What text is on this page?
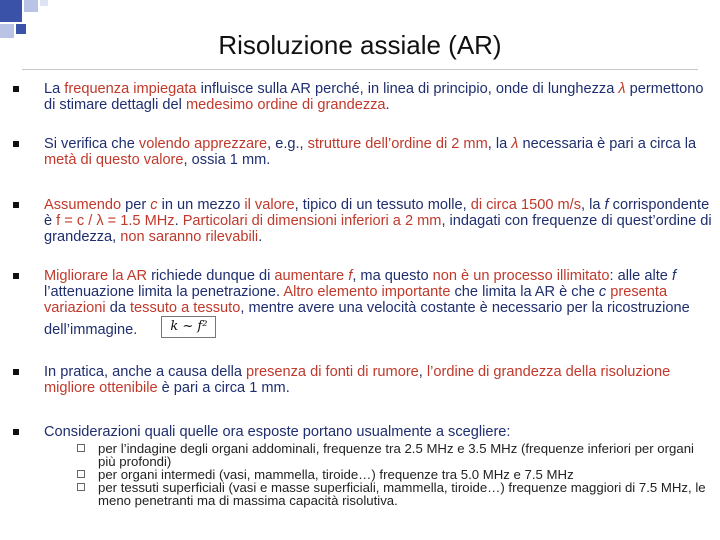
Risoluzione assiale (AR)
La frequenza impiegata influisce sulla AR perché, in linea di principio, onde di lunghezza λ permettono di stimare dettagli del medesimo ordine di grandezza.
Si verifica che volendo apprezzare, e.g., strutture dell’ordine di 2 mm, la λ necessaria è pari a circa la metà di questo valore, ossia 1 mm.
Assumendo per c in un mezzo il valore, tipico di un tessuto molle, di circa 1500 m/s, la f corrispondente è f = c / λ = 1.5 MHz. Particolari di dimensioni inferiori a 2 mm, indagati con frequenze di quest’ordine di grandezza, non saranno rilevabili.
Migliorare la AR richiede dunque di aumentare f, ma questo non è un processo illimitato: alle alte f l’attenuazione limita la penetrazione. Altro elemento importante che limita la AR è che c presenta variazioni da tessuto a tessuto, mentre avere una velocità costante è necessario per la ricostruzione dell’immagine.	k ~ f²
In pratica, anche a causa della presenza di fonti di rumore, l’ordine di grandezza della risoluzione migliore ottenibile è pari a circa 1 mm.
Considerazioni quali quelle ora esposte portano usualmente a scegliere:
per l’indagine degli organi addominali, frequenze tra 2.5 MHz e 3.5 MHz (frequenze inferiori per organi più profondi)
per organi intermedi (vasi, mammella, tiroide…) frequenze tra 5.0 MHz e 7.5 MHz
per tessuti superficiali (vasi e masse superficiali, mammella, tiroide…) frequenze maggiori di 7.5 MHz, le meno penetranti ma di massima capacità risolutiva.
